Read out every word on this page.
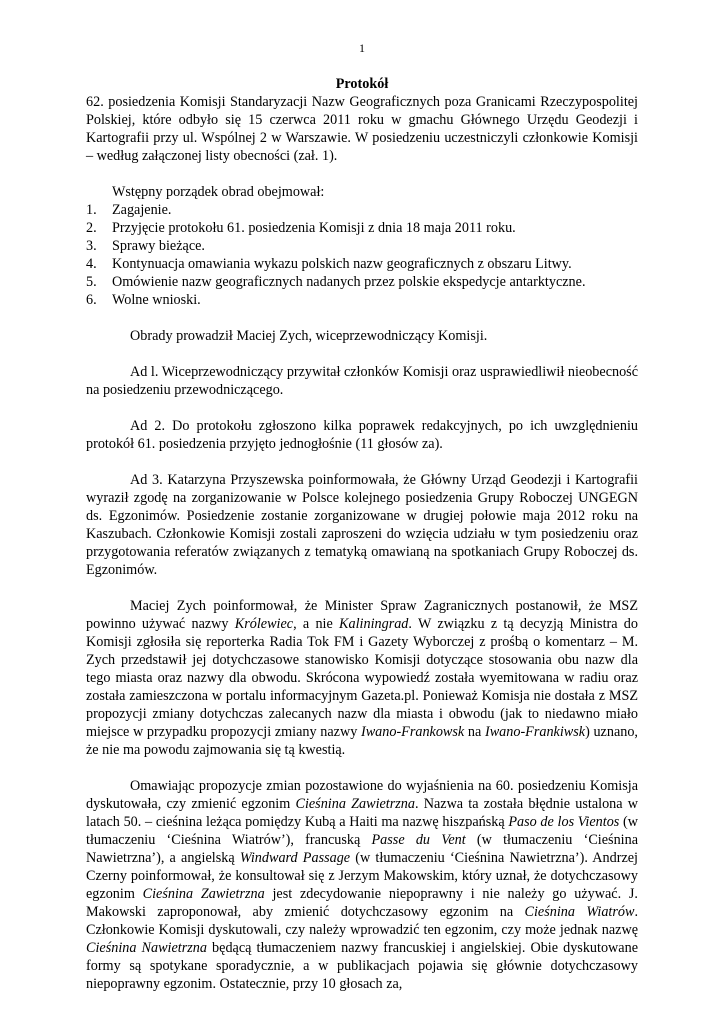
1

Protokół

62. posiedzenia Komisji Standaryzacji Nazw Geograficznych poza Granicami Rzeczypospolitej Polskiej, które odbyło się 15 czerwca 2011 roku w gmachu Głównego Urzędu Geodezji i Kartografii przy ul. Wspólnej 2 w Warszawie. W posiedzeniu uczestniczyli członkowie Komisji – według załączonej listy obecności (zał. 1).

Wstępny porządek obrad obejmował:
1. Zagajenie.
2. Przyjęcie protokołu 61. posiedzenia Komisji z dnia 18 maja 2011 roku.
3. Sprawy bieżące.
4. Kontynuacja omawiania wykazu polskich nazw geograficznych z obszaru Litwy.
5. Omówienie nazw geograficznych nadanych przez polskie ekspedycje antarktyczne.
6. Wolne wnioski.

Obrady prowadził Maciej Zych, wiceprzewodniczący Komisji.

Ad l. Wiceprzewodniczący przywitał członków Komisji oraz usprawiedliwił nieobecność na posiedzeniu przewodniczącego.

Ad 2. Do protokołu zgłoszono kilka poprawek redakcyjnych, po ich uwzględnieniu protokół 61. posiedzenia przyjęto jednogłośnie (11 głosów za).

Ad 3. Katarzyna Przyszewska poinformowała, że Główny Urząd Geodezji i Kartografii wyraził zgodę na zorganizowanie w Polsce kolejnego posiedzenia Grupy Roboczej UNGEGN ds. Egzonimów. Posiedzenie zostanie zorganizowane w drugiej połowie maja 2012 roku na Kaszubach. Członkowie Komisji zostali zaproszeni do wzięcia udziału w tym posiedzeniu oraz przygotowania referatów związanych z tematyką omawianą na spotkaniach Grupy Roboczej ds. Egzonimów.

Maciej Zych poinformował, że Minister Spraw Zagranicznych postanowił, że MSZ powinno używać nazwy Królewiec, a nie Kaliningrad. W związku z tą decyzją Ministra do Komisji zgłosiła się reporterka Radia Tok FM i Gazety Wyborczej z prośbą o komentarz – M. Zych przedstawił jej dotychczasowe stanowisko Komisji dotyczące stosowania obu nazw dla tego miasta oraz nazwy dla obwodu. Skrócona wypowiedź została wyemitowana w radiu oraz została zamieszczona w portalu informacyjnym Gazeta.pl. Ponieważ Komisja nie dostała z MSZ propozycji zmiany dotychczas zalecanych nazw dla miasta i obwodu (jak to niedawno miało miejsce w przypadku propozycji zmiany nazwy Iwano-Frankowsk na Iwano-Frankiwsk) uznano, że nie ma powodu zajmowania się tą kwestią.

Omawiając propozycje zmian pozostawione do wyjaśnienia na 60. posiedzeniu Komisja dyskutowała, czy zmienić egzonim Cieśnina Zawietrzna. Nazwa ta została błędnie ustalona w latach 50. – cieśnina leżąca pomiędzy Kubą a Haiti ma nazwę hiszpańską Paso de los Vientos (w tłumaczeniu ‘Cieśnina Wiatrów’), francuską Passe du Vent (w tłumaczeniu ‘Cieśnina Nawietrzna’), a angielską Windward Passage (w tłumaczeniu ‘Cieśnina Nawietrzna’). Andrzej Czerny poinformował, że konsultował się z Jerzym Makowskim, który uznał, że dotychczasowy egzonim Cieśnina Zawietrzna jest zdecydowanie niepoprawny i nie należy go używać. J. Makowski zaproponował, aby zmienić dotychczasowy egzonim na Cieśnina Wiatrów. Członkowie Komisji dyskutowali, czy należy wprowadzić ten egzonim, czy może jednak nazwę Cieśnina Nawietrzna będącą tłumaczeniem nazwy francuskiej i angielskiej. Obie dyskutowane formy są spotykane sporadycznie, a w publikacjach pojawia się głównie dotychczasowy niepoprawny egzonim. Ostatecznie, przy 10 głosach za,
